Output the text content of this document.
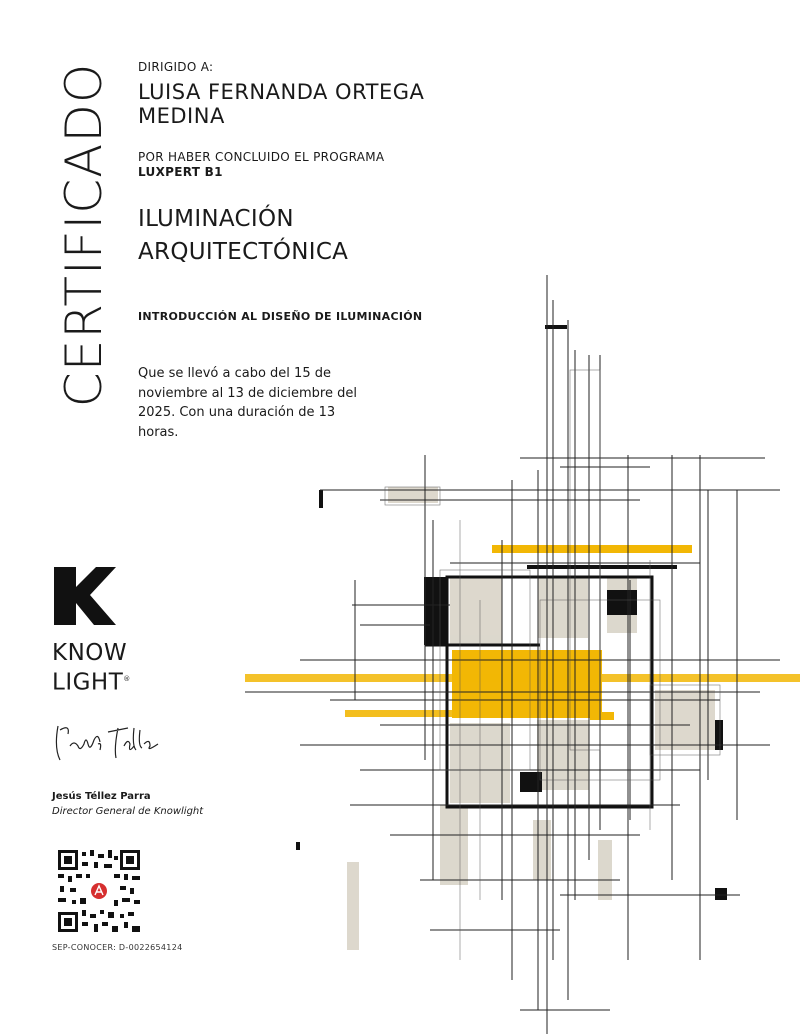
CERTIFICADO DIRIGIDO A:
LUISA FERNANDA ORTEGA
MEDINA
POR HABER CONCLUIDO EL PROGRAMA
LUXPERT B1
ILUMINACIÓN
ARQUITECTÓNICA
INTRODUCCIÓN AL DISEÑO DE ILUMINACIÓN
Que se llevó a cabo del 15 de
noviembre al 13 de diciembre del
2025. Con una duración de 13 horas.
KNOW
LIGHT®
Jesús Téllez Parra
Director General de Knowlight
SEP-CONOCER: D-0022654124
